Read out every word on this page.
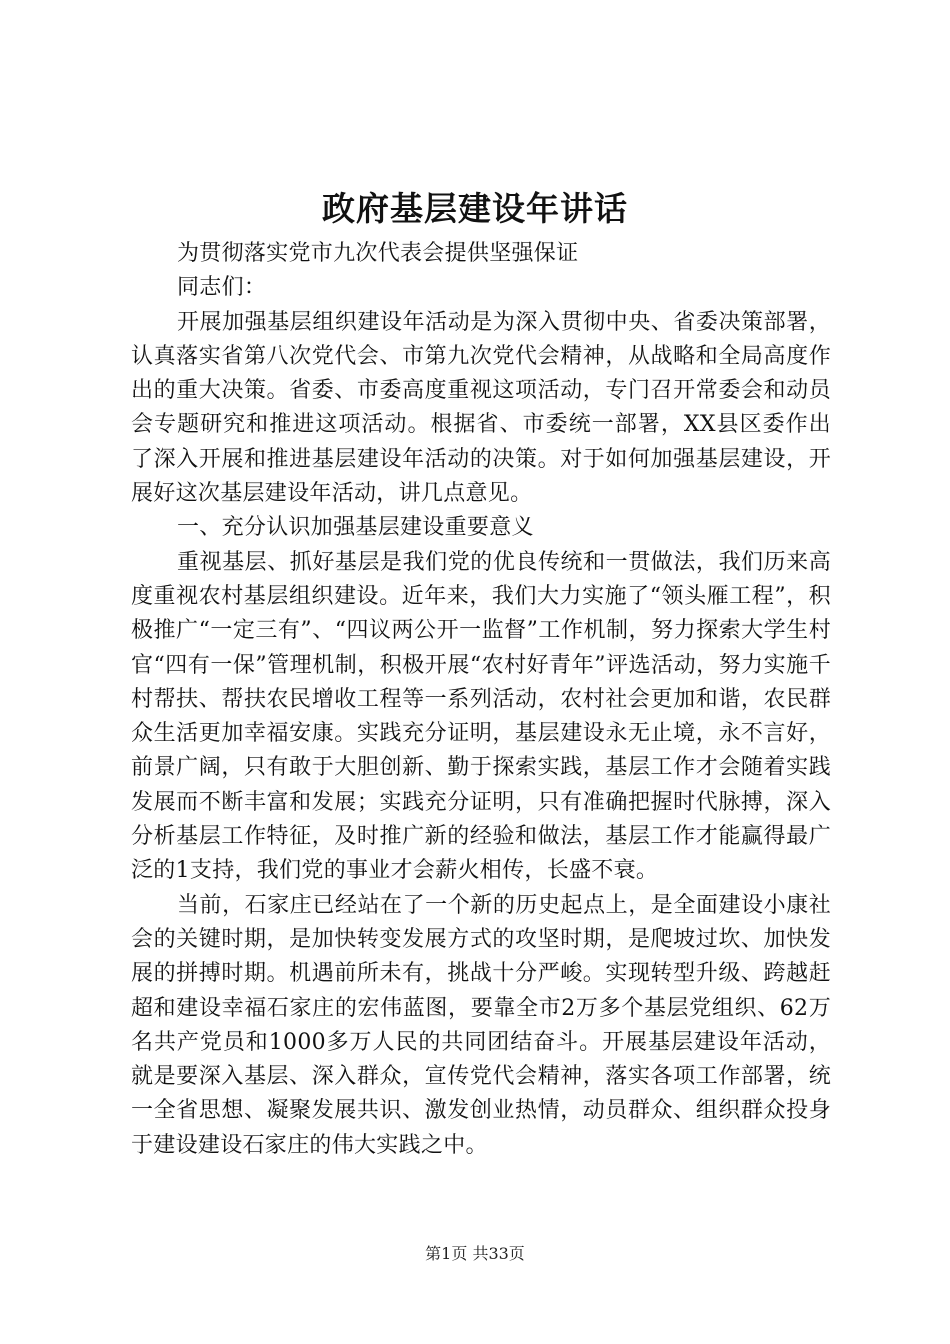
政府基层建设年讲话

为贯彻落实党市九次代表会提供坚强保证

同志们：

开展加强基层组织建设年活动是为深入贯彻中央、省委决策部署，认真落实省第八次党代会、市第九次党代会精神，从战略和全局高度作出的重大决策。省委、市委高度重视这项活动，专门召开常委会和动员会专题研究和推进这项活动。根据省、市委统一部署，XX县区委作出了深入开展和推进基层建设年活动的决策。对于如何加强基层建设，开展好这次基层建设年活动，讲几点意见。

一、充分认识加强基层建设重要意义

重视基层、抓好基层是我们党的优良传统和一贯做法，我们历来高度重视农村基层组织建设。近年来，我们大力实施了“领头雁工程”，积极推广“一定三有”、“四议两公开一监督”工作机制，努力探索大学生村官“四有一保”管理机制，积极开展“农村好青年”评选活动，努力实施千村帮扶、帮扶农民增收工程等一系列活动，农村社会更加和谐，农民群众生活更加幸福安康。实践充分证明，基层建设永无止境，永不言好，前景广阔，只有敢于大胆创新、勤于探索实践，基层工作才会随着实践发展而不断丰富和发展；实践充分证明，只有准确把握时代脉搏，深入分析基层工作特征，及时推广新的经验和做法，基层工作才能赢得最广泛的1支持，我们党的事业才会薪火相传，长盛不衰。

当前，石家庄已经站在了一个新的历史起点上，是全面建设小康社会的关键时期，是加快转变发展方式的攻坚时期，是爬坡过坎、加快发展的拼搏时期。机遇前所未有，挑战十分严峻。实现转型升级、跨越赶超和建设幸福石家庄的宏伟蓝图，要靠全市2万多个基层党组织、62万名共产党员和1000多万人民的共同团结奋斗。开展基层建设年活动，就是要深入基层、深入群众，宣传党代会精神，落实各项工作部署，统一全省思想、凝聚发展共识、激发创业热情，动员群众、组织群众投身于建设建设石家庄的伟大实践之中。

第1页 共33页
